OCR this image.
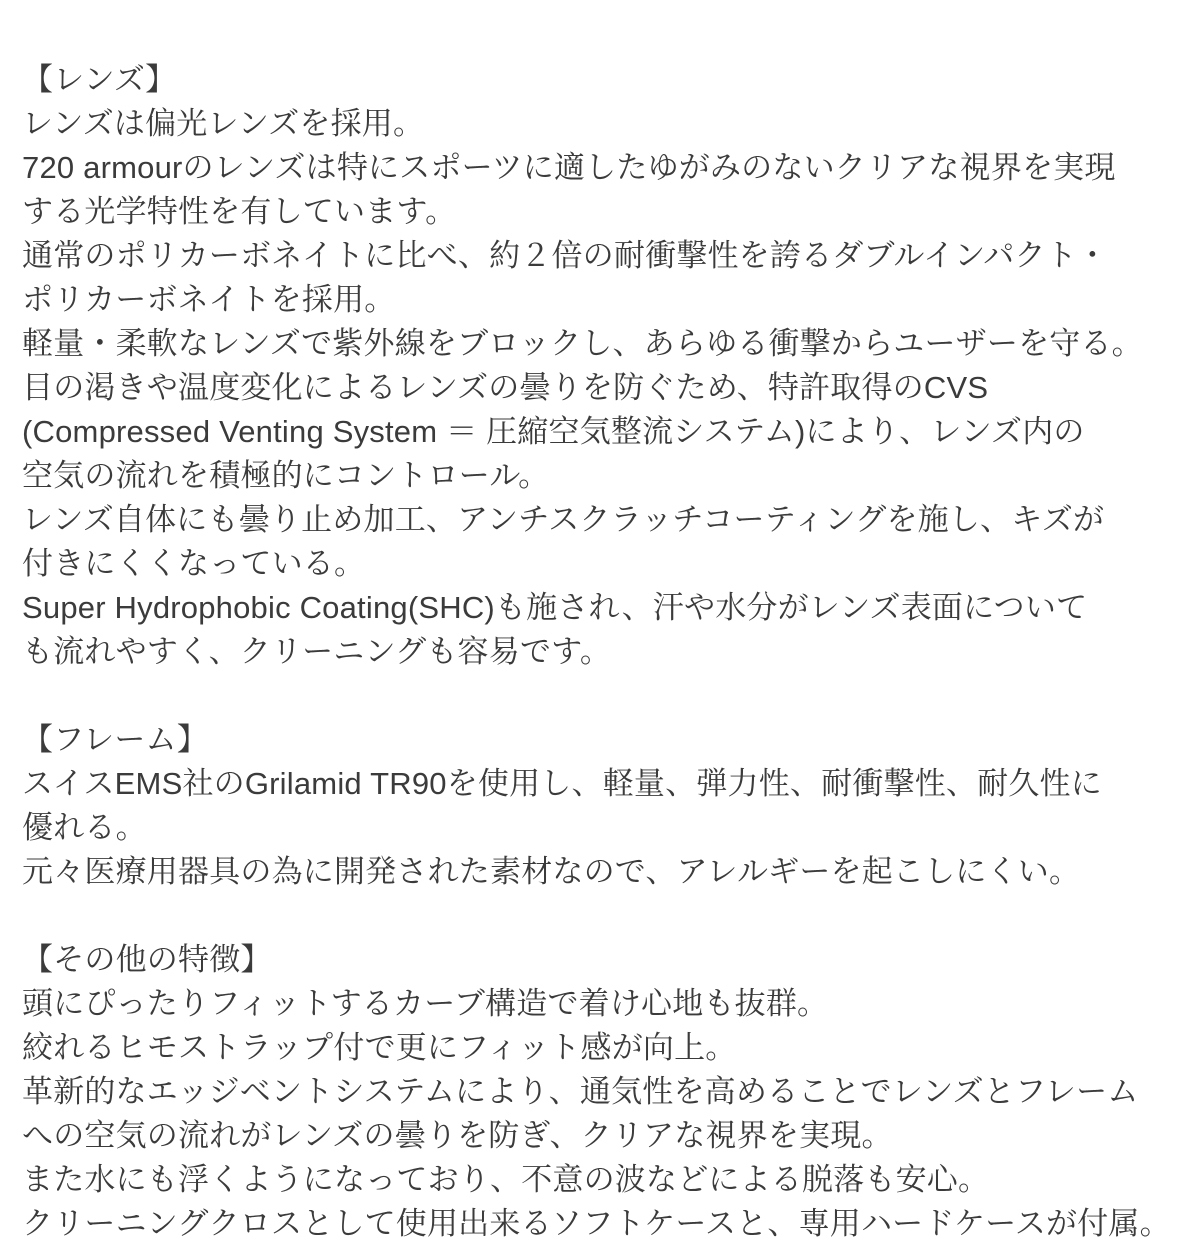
【レンズ】
レンズは偏光レンズを採用。
720 armourのレンズは特にスポーツに適したゆがみのないクリアな視界を実現
する光学特性を有しています。
通常のポリカーボネイトに比べ、約２倍の耐衝撃性を誇るダブルインパクト・
ポリカーボネイトを採用。
軽量・柔軟なレンズで紫外線をブロックし、あらゆる衝撃からユーザーを守る。
目の渇きや温度変化によるレンズの曇りを防ぐため、特許取得のCVS
(Compressed Venting System ＝ 圧縮空気整流システム)により、レンズ内の
空気の流れを積極的にコントロール。
レンズ自体にも曇り止め加工、アンチスクラッチコーティングを施し、キズが
付きにくくなっている。
Super Hydrophobic Coating(SHC)も施され、汗や水分がレンズ表面について
も流れやすく、クリーニングも容易です。
【フレーム】
スイスEMS社のGrilamid TR90を使用し、軽量、弾力性、耐衝撃性、耐久性に
優れる。
元々医療用器具の為に開発された素材なので、アレルギーを起こしにくい。
【その他の特徴】
頭にぴったりフィットするカーブ構造で着け心地も抜群。
絞れるヒモストラップ付で更にフィット感が向上。
革新的なエッジベントシステムにより、通気性を高めることでレンズとフレーム
への空気の流れがレンズの曇りを防ぎ、クリアな視界を実現。
また水にも浮くようになっており、不意の波などによる脱落も安心。
クリーニングクロスとして使用出来るソフトケースと、専用ハードケースが付属。
